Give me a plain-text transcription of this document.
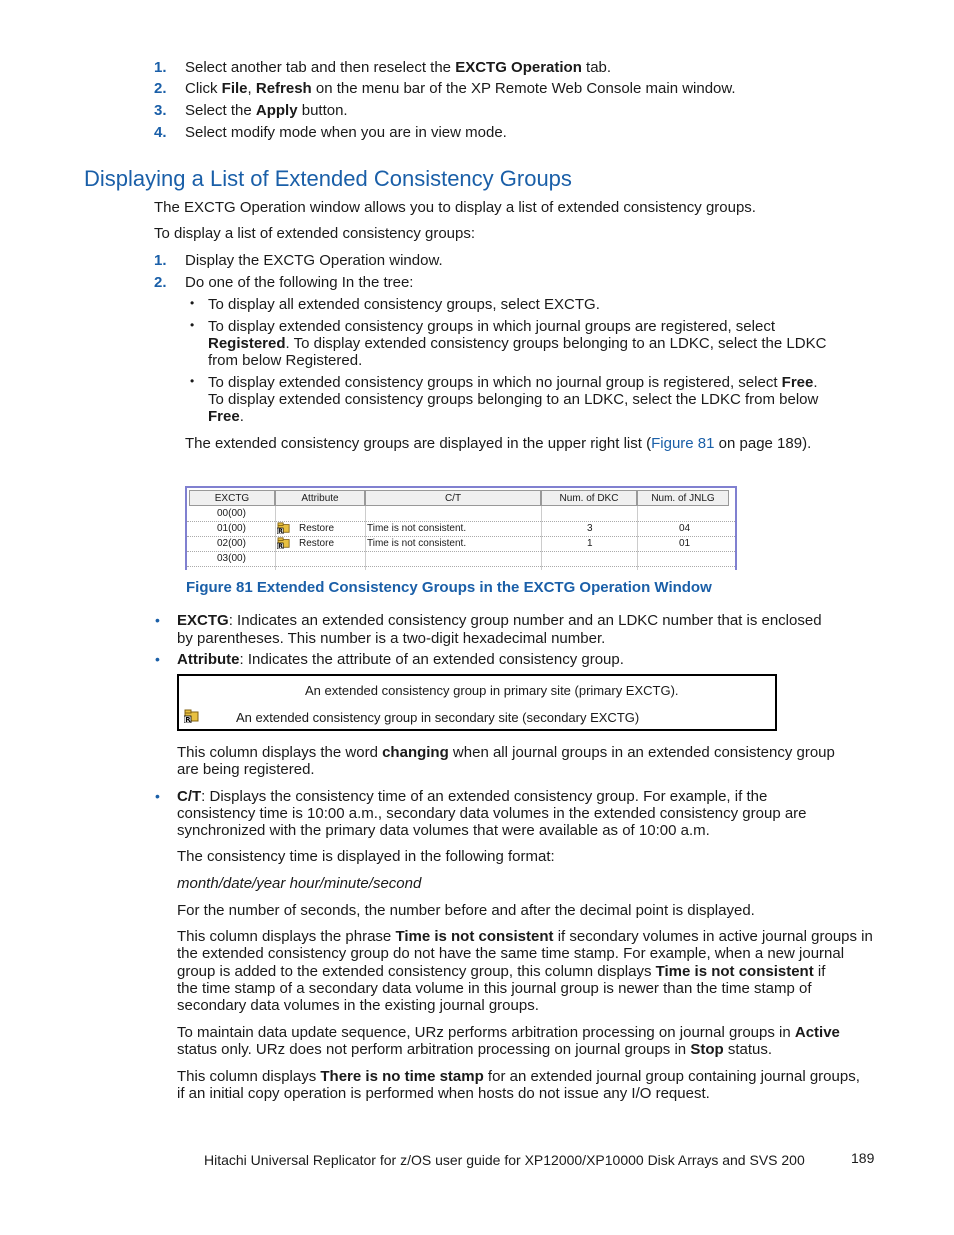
1. Select another tab and then reselect the EXCTG Operation tab.
2. Click File, Refresh on the menu bar of the XP Remote Web Console main window.
3. Select the Apply button.
4. Select modify mode when you are in view mode.
Displaying a List of Extended Consistency Groups
The EXCTG Operation window allows you to display a list of extended consistency groups.
To display a list of extended consistency groups:
1. Display the EXCTG Operation window.
2. Do one of the following In the tree:
• To display all extended consistency groups, select EXCTG.
• To display extended consistency groups in which journal groups are registered, select
Registered. To display extended consistency groups belonging to an LDKC, select the LDKC
from below Registered.
• To display extended consistency groups in which no journal group is registered, select Free.
To display extended consistency groups belonging to an LDKC, select the LDKC from below
Free.
The extended consistency groups are displayed in the upper right list (Figure 81 on page 189).
EXCTG	Attribute	C/T	Num. of DKC	Num. of JNLG
00(00)
01(00)	R Restore	Time is not consistent.	3	04
02(00)	R Restore	Time is not consistent.	1	01
03(00)
Figure 81 Extended Consistency Groups in the EXCTG Operation Window
• EXCTG: Indicates an extended consistency group number and an LDKC number that is enclosed
by parentheses. This number is a two-digit hexadecimal number.
• Attribute: Indicates the attribute of an extended consistency group.
An extended consistency group in primary site (primary EXCTG).
R	An extended consistency group in secondary site (secondary EXCTG)
This column displays the word changing when all journal groups in an extended consistency group
are being registered.
• C/T: Displays the consistency time of an extended consistency group. For example, if the
consistency time is 10:00 a.m., secondary data volumes in the extended consistency group are
synchronized with the primary data volumes that were available as of 10:00 a.m.
The consistency time is displayed in the following format:
month/date/year hour/minute/second
For the number of seconds, the number before and after the decimal point is displayed.
This column displays the phrase Time is not consistent if secondary volumes in active journal groups in
the extended consistency group do not have the same time stamp. For example, when a new journal
group is added to the extended consistency group, this column displays Time is not consistent if
the time stamp of a secondary data volume in this journal group is newer than the time stamp of
secondary data volumes in the existing journal groups.
To maintain data update sequence, URz performs arbitration processing on journal groups in Active
status only. URz does not perform arbitration processing on journal groups in Stop status.
This column displays There is no time stamp for an extended journal group containing journal groups,
if an initial copy operation is performed when hosts do not issue any I/O request.
Hitachi Universal Replicator for z/OS user guide for XP12000/XP10000 Disk Arrays and SVS 200	189
